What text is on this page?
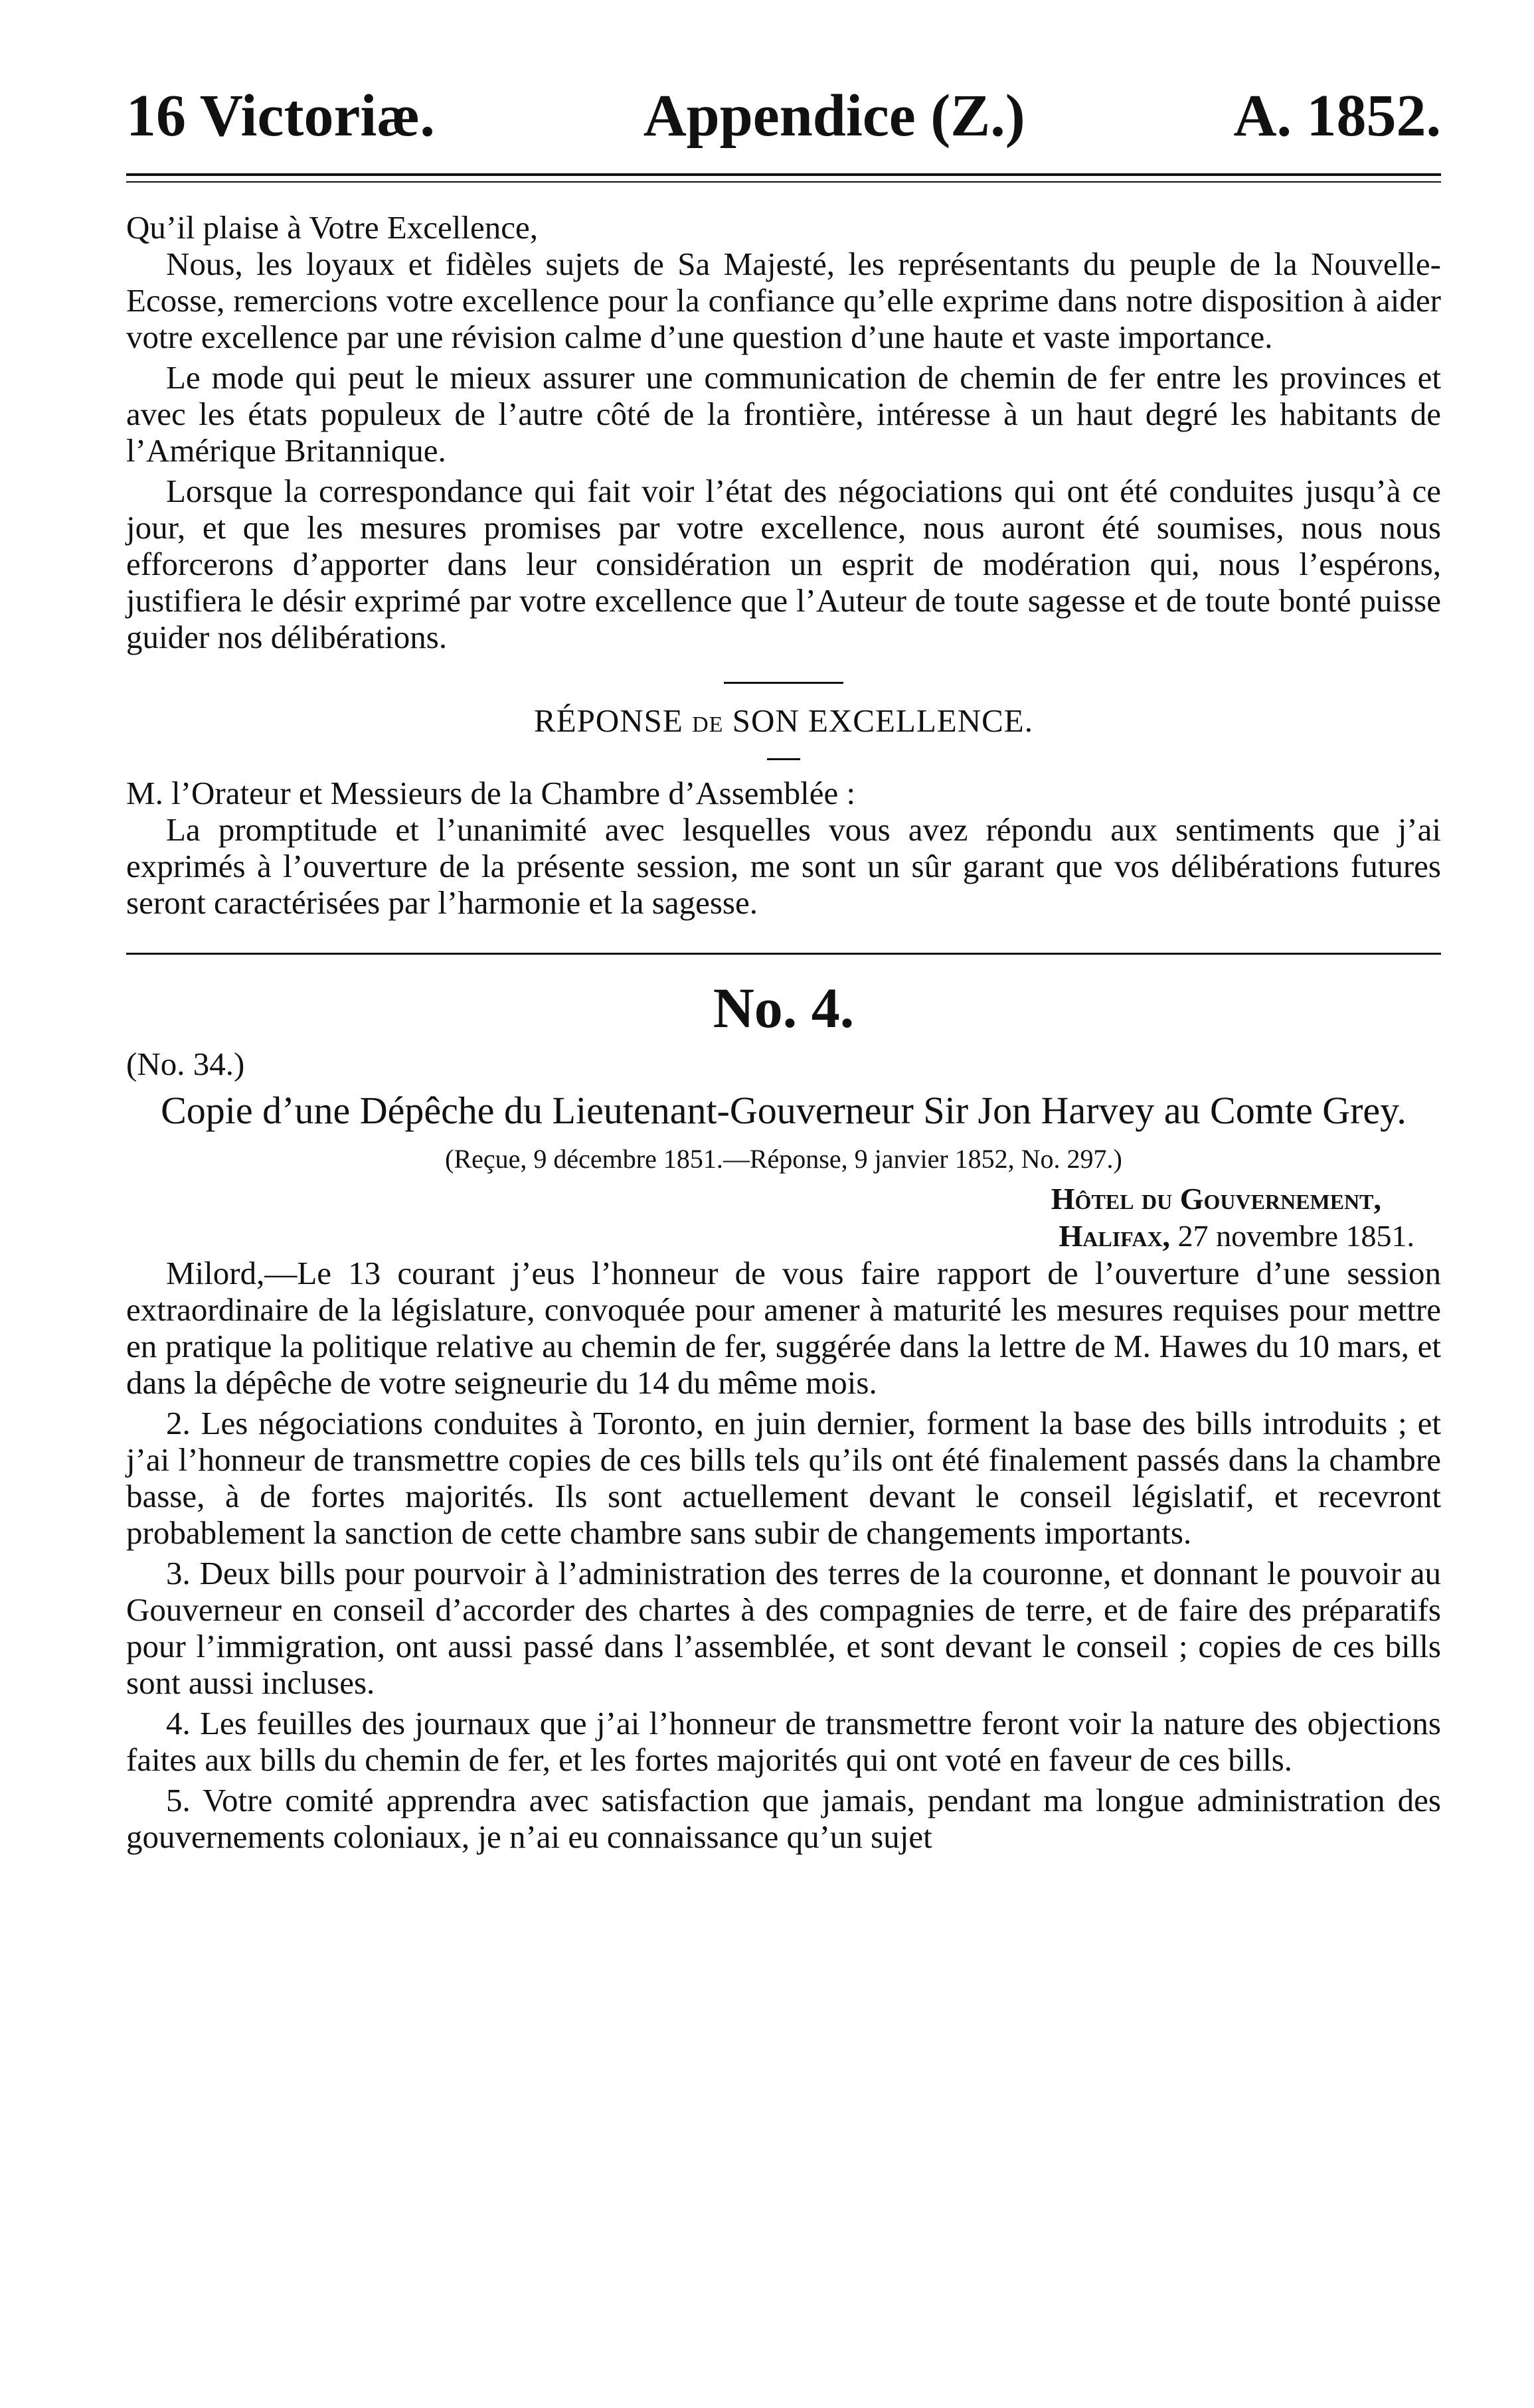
16 Victoriæ.	Appendice (Z.)	A. 1852.

Qu’il plaise à Votre Excellence,

Nous, les loyaux et fidèles sujets de Sa Majesté, les représentants du peuple de la Nouvelle-Ecosse, remercions votre excellence pour la confiance qu’elle exprime dans notre disposition à aider votre excellence par une révision calme d’une question d’une haute et vaste importance.

Le mode qui peut le mieux assurer une communication de chemin de fer entre les provinces et avec les états populeux de l’autre côté de la frontière, intéresse à un haut degré les habitants de l’Amérique Britannique.

Lorsque la correspondance qui fait voir l’état des négociations qui ont été conduites jusqu’à ce jour, et que les mesures promises par votre excellence, nous auront été soumises, nous nous efforcerons d’apporter dans leur considération un esprit de modération qui, nous l’espérons, justifiera le désir exprimé par votre excellence que l’Auteur de toute sagesse et de toute bonté puisse guider nos délibérations.

RÉPONSE DE SON EXCELLENCE.

M. l’Orateur et Messieurs de la Chambre d’Assemblée :

La promptitude et l’unanimité avec lesquelles vous avez répondu aux sentiments que j’ai exprimés à l’ouverture de la présente session, me sont un sûr garant que vos délibérations futures seront caractérisées par l’harmonie et la sagesse.

No. 4.
(No. 34.)
Copie d’une Dépêche du Lieutenant-Gouverneur Sir Jon Harvey au Comte Grey.
(Reçue, 9 décembre 1851.—Réponse, 9 janvier 1852, No. 297.)
Hôtel du Gouvernement,
Halifax, 27 novembre 1851.

Milord,—Le 13 courant j’eus l’honneur de vous faire rapport de l’ouverture d’une session extraordinaire de la législature, convoquée pour amener à maturité les mesures requises pour mettre en pratique la politique relative au chemin de fer, suggérée dans la lettre de M. Hawes du 10 mars, et dans la dépêche de votre seigneurie du 14 du même mois.

2. Les négociations conduites à Toronto, en juin dernier, forment la base des bills introduits ; et j’ai l’honneur de transmettre copies de ces bills tels qu’ils ont été finalement passés dans la chambre basse, à de fortes majorités. Ils sont actuellement devant le conseil législatif, et recevront probablement la sanction de cette chambre sans subir de changements importants.

3. Deux bills pour pourvoir à l’administration des terres de la couronne, et donnant le pouvoir au Gouverneur en conseil d’accorder des chartes à des compagnies de terre, et de faire des préparatifs pour l’immigration, ont aussi passé dans l’assemblée, et sont devant le conseil ; copies de ces bills sont aussi incluses.

4. Les feuilles des journaux que j’ai l’honneur de transmettre feront voir la nature des objections faites aux bills du chemin de fer, et les fortes majorités qui ont voté en faveur de ces bills.

5. Votre comité apprendra avec satisfaction que jamais, pendant ma longue administration des gouvernements coloniaux, je n’ai eu connaissance qu’un sujet
